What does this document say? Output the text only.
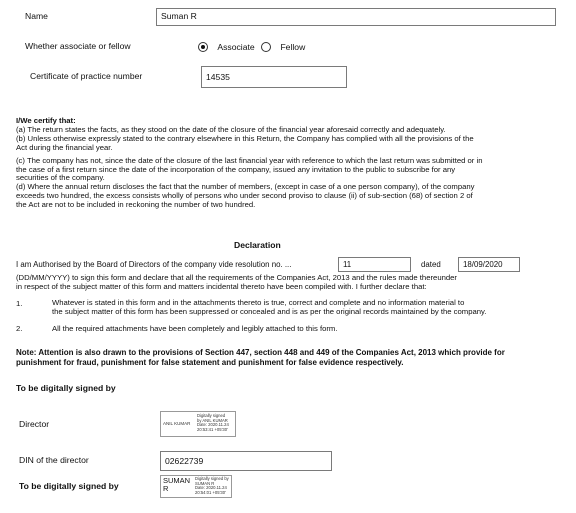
Name	Suman R
Whether associate or fellow	Associate	Fellow
Certificate of practice number	14535

I/We certify that:

(a) The return states the facts, as they stood on the date of the closure of the financial year aforesaid correctly and adequately.

(b) Unless otherwise expressly stated to the contrary elsewhere in this Return, the Company has complied with all the provisions of the

Act during the financial year.

(c) The company has not, since the date of the closure of the last financial year with reference to which the last return was submitted or in

the case of a first return since the date of the incorporation of the company, issued any invitation to the public to subscribe for any

securities of the company.

(d) Where the annual return discloses the fact that the number of members, (except in case of a one person company), of the company

exceeds two hundred, the excess consists wholly of persons who under second proviso to clause (ii) of sub-section (68) of section 2 of

the Act are not to be included in reckoning the number of two hundred.

Declaration
I am Authorised by the Board of Directors of the company vide resolution no. ...	11	dated	18/09/2020

(DD/MM/YYYY) to sign this form and declare that all the requirements of the Companies Act, 2013 and the rules made thereunder

in respect of the subject matter of this form and matters incidental thereto have been compiled with. I further declare that:

1.	Whatever is stated in this form and in the attachments thereto is true, correct and complete and no information material to

the subject matter of this form has been suppressed or concealed and is as per the original records maintained by the company.

2.	All the required attachments have been completely and legibly attached to this form.

Note: Attention is also drawn to the provisions of Section 447, section 448 and 449 of the Companies Act, 2013 which provide for

punishment for fraud, punishment for false statement and punishment for false evidence respectively.

To be digitally signed by
Director	ANIL KUMAR
Digitally signed
by ANIL KUMAR
Date: 2020.11.24
20:53:41 +05'30'
DIN of the director	02622739
To be digitally signed by
SUMAN
R
Digitally signed by
SUMAN R
Date: 2020.11.24
20:54:01 +05'30'
